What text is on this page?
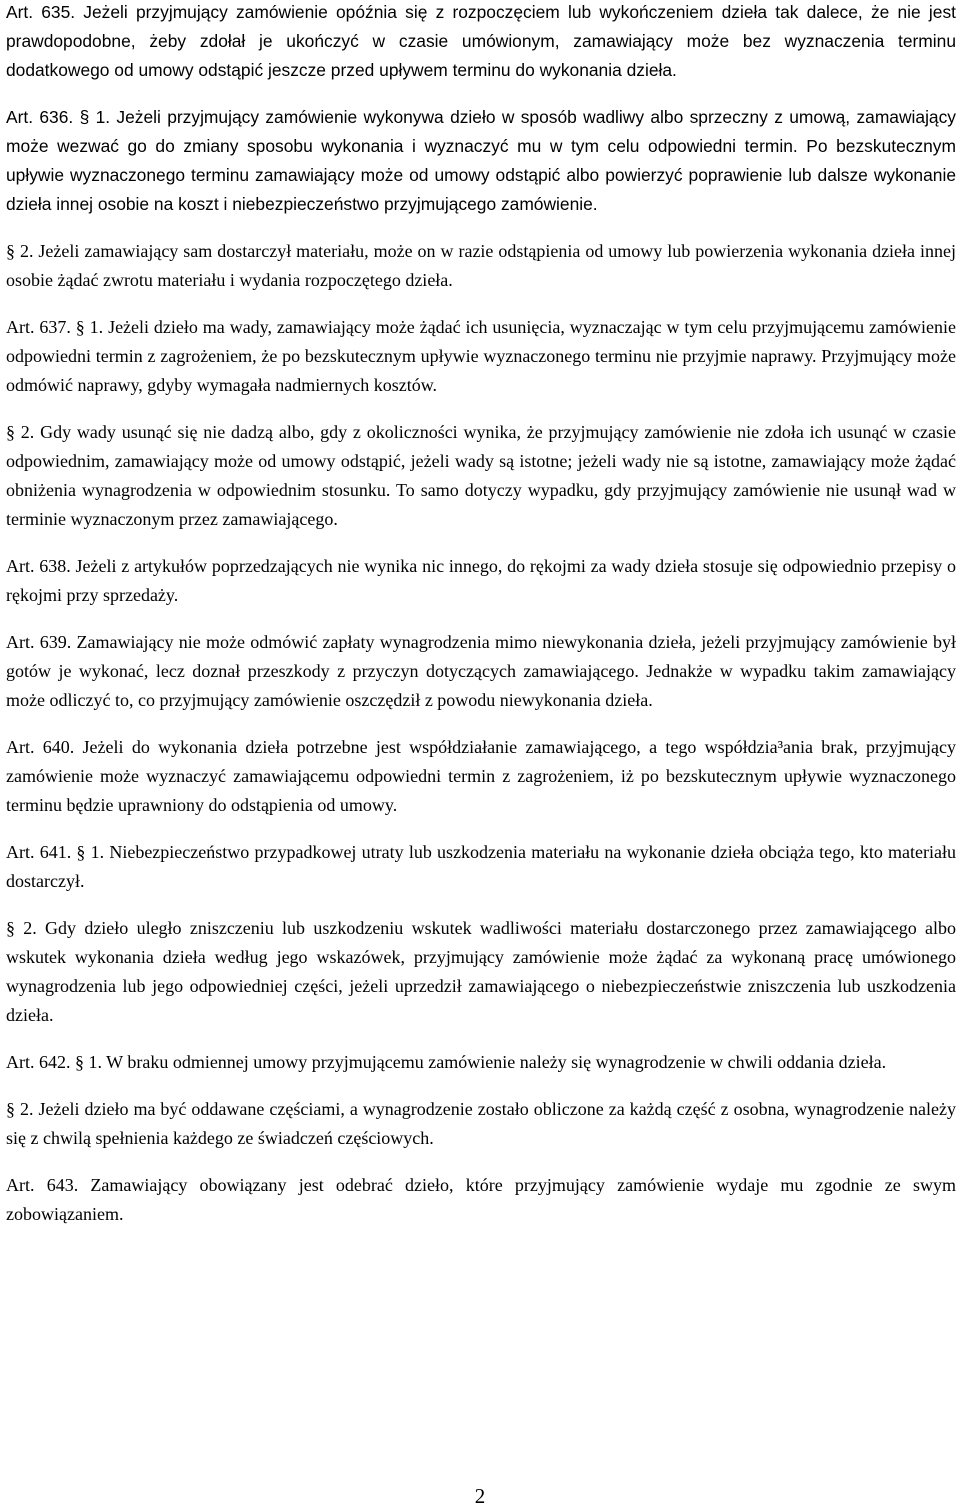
Art. 635. Jeżeli przyjmujący zamówienie opóźnia się z rozpoczęciem lub wykończeniem dzieła tak dalece, że nie jest prawdopodobne, żeby zdołał je ukończyć w czasie umówionym, zamawiający może bez wyznaczenia terminu dodatkowego od umowy odstąpić jeszcze przed upływem terminu do wykonania dzieła.

Art. 636. § 1. Jeżeli przyjmujący zamówienie wykonywa dzieło w sposób wadliwy albo sprzeczny z umową, zamawiający może wezwać go do zmiany sposobu wykonania i wyznaczyć mu w tym celu odpowiedni termin. Po bezskutecznym upływie wyznaczonego terminu zamawiający może od umowy odstąpić albo powierzyć poprawienie lub dalsze wykonanie dzieła innej osobie na koszt i niebezpieczeństwo przyjmującego zamówienie.

§ 2. Jeżeli zamawiający sam dostarczył materiału, może on w razie odstąpienia od umowy lub powierzenia wykonania dzieła innej osobie żądać zwrotu materiału i wydania rozpoczętego dzieła.

Art. 637. § 1. Jeżeli dzieło ma wady, zamawiający może żądać ich usunięcia, wyznaczając w tym celu przyjmującemu zamówienie odpowiedni termin z zagrożeniem, że po bezskutecznym upływie wyznaczonego terminu nie przyjmie naprawy. Przyjmujący może odmówić naprawy, gdyby wymagała nadmiernych kosztów.

§ 2. Gdy wady usunąć się nie dadzą albo, gdy z okoliczności wynika, że przyjmujący zamówienie nie zdoła ich usunąć w czasie odpowiednim, zamawiający może od umowy odstąpić, jeżeli wady są istotne; jeżeli wady nie są istotne, zamawiający może żądać obniżenia wynagrodzenia w odpowiednim stosunku. To samo dotyczy wypadku, gdy przyjmujący zamówienie nie usunął wad w terminie wyznaczonym przez zamawiającego.

Art. 638. Jeżeli z artykułów poprzedzających nie wynika nic innego, do rękojmi za wady dzieła stosuje się odpowiednio przepisy o rękojmi przy sprzedaży.

Art. 639. Zamawiający nie może odmówić zapłaty wynagrodzenia mimo niewykonania dzieła, jeżeli przyjmujący zamówienie był gotów je wykonać, lecz doznał przeszkody z przyczyn dotyczących zamawiającego. Jednakże w wypadku takim zamawiający może odliczyć to, co przyjmujący zamówienie oszczędził z powodu niewykonania dzieła.

Art. 640. Jeżeli do wykonania dzieła potrzebne jest współdziałanie zamawiającego, a tego współdzia³ania brak, przyjmujący zamówienie może wyznaczyć zamawiającemu odpowiedni termin z zagrożeniem, iż po bezskutecznym upływie wyznaczonego terminu będzie uprawniony do odstąpienia od umowy.

Art. 641. § 1. Niebezpieczeństwo przypadkowej utraty lub uszkodzenia materiału na wykonanie dzieła obciąża tego, kto materiału dostarczył.

§ 2. Gdy dzieło uległo zniszczeniu lub uszkodzeniu wskutek wadliwości materiału dostarczonego przez zamawiającego albo wskutek wykonania dzieła według jego wskazówek, przyjmujący zamówienie może żądać za wykonaną pracę umówionego wynagrodzenia lub jego odpowiedniej części, jeżeli uprzedził zamawiającego o niebezpieczeństwie zniszczenia lub uszkodzenia dzieła.

Art. 642. § 1. W braku odmiennej umowy przyjmującemu zamówienie należy się wynagrodzenie w chwili oddania dzieła.

§ 2. Jeżeli dzieło ma być oddawane częściami, a wynagrodzenie zostało obliczone za każdą część z osobna, wynagrodzenie należy się z chwilą spełnienia każdego ze świadczeń częściowych.

Art. 643. Zamawiający obowiązany jest odebrać dzieło, które przyjmujący zamówienie wydaje mu zgodnie ze swym zobowiązaniem.

2
